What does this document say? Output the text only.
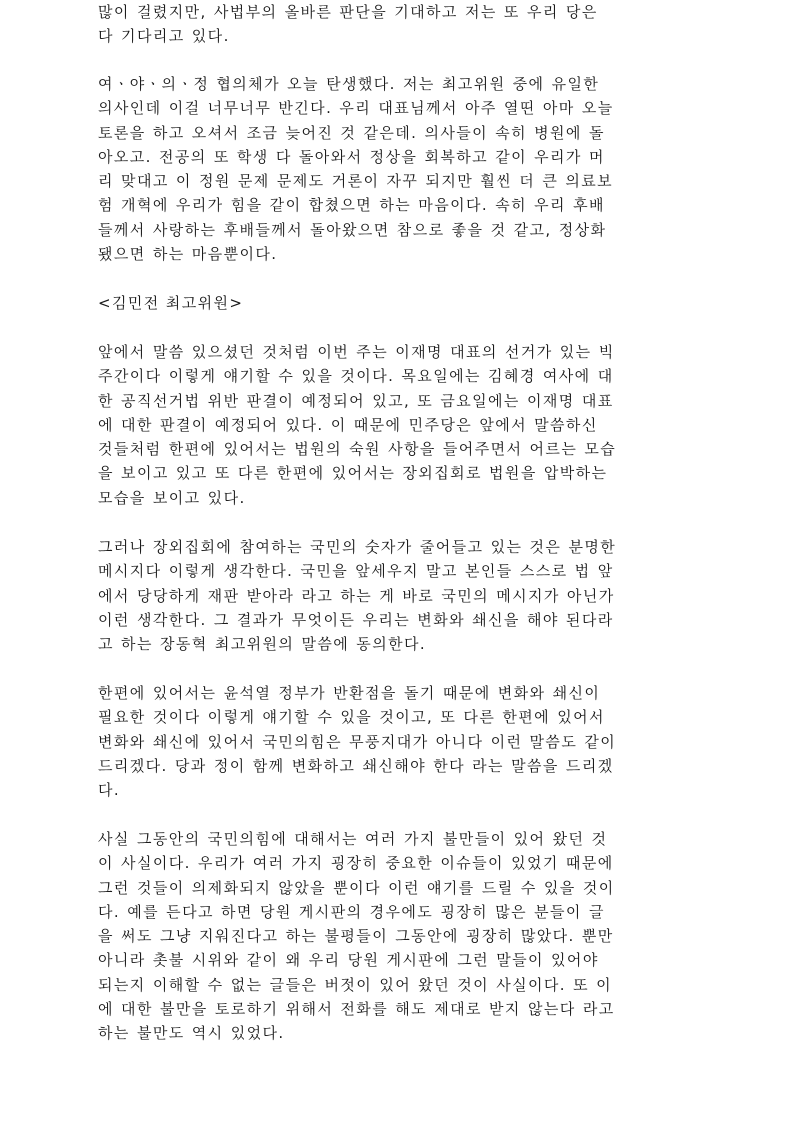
많이 걸렸지만, 사법부의 올바른 판단을 기대하고 저는 또 우리 당은
다 기다리고 있다.
여ㆍ야ㆍ의ㆍ정 협의체가 오늘 탄생했다. 저는 최고위원 중에 유일한
의사인데 이걸 너무너무 반긴다. 우리 대표님께서 아주 열띤 아마 오늘
토론을 하고 오셔서 조금 늦어진 것 같은데. 의사들이 속히 병원에 돌
아오고. 전공의 또 학생 다 돌아와서 정상을 회복하고 같이 우리가 머
리 맞대고 이 정원 문제 문제도 거론이 자꾸 되지만 훨씬 더 큰 의료보
험 개혁에 우리가 힘을 같이 합쳤으면 하는 마음이다. 속히 우리 후배
들께서 사랑하는 후배들께서 돌아왔으면 참으로 좋을 것 같고, 정상화
됐으면 하는 마음뿐이다.
<김민전 최고위원>
앞에서 말씀 있으셨던 것처럼 이번 주는 이재명 대표의 선거가 있는 빅
주간이다 이렇게 얘기할 수 있을 것이다. 목요일에는 김혜경 여사에 대
한 공직선거법 위반 판결이 예정되어 있고, 또 금요일에는 이재명 대표
에 대한 판결이 예정되어 있다. 이 때문에 민주당은 앞에서 말씀하신
것들처럼 한편에 있어서는 법원의 숙원 사항을 들어주면서 어르는 모습
을 보이고 있고 또 다른 한편에 있어서는 장외집회로 법원을 압박하는
모습을 보이고 있다.
그러나 장외집회에 참여하는 국민의 숫자가 줄어들고 있는 것은 분명한
메시지다 이렇게 생각한다. 국민을 앞세우지 말고 본인들 스스로 법 앞
에서 당당하게 재판 받아라 라고 하는 게 바로 국민의 메시지가 아닌가
이런 생각한다. 그 결과가 무엇이든 우리는 변화와 쇄신을 해야 된다라
고 하는 장동혁 최고위원의 말씀에 동의한다.
한편에 있어서는 윤석열 정부가 반환점을 돌기 때문에 변화와 쇄신이
필요한 것이다 이렇게 얘기할 수 있을 것이고, 또 다른 한편에 있어서
변화와 쇄신에 있어서 국민의힘은 무풍지대가 아니다 이런 말씀도 같이
드리겠다. 당과 정이 함께 변화하고 쇄신해야 한다 라는 말씀을 드리겠
다.
사실 그동안의 국민의힘에 대해서는 여러 가지 불만들이 있어 왔던 것
이 사실이다. 우리가 여러 가지 굉장히 중요한 이슈들이 있었기 때문에
그런 것들이 의제화되지 않았을 뿐이다 이런 얘기를 드릴 수 있을 것이
다. 예를 든다고 하면 당원 게시판의 경우에도 굉장히 많은 분들이 글
을 써도 그냥 지워진다고 하는 불평들이 그동안에 굉장히 많았다. 뿐만
아니라 촛불 시위와 같이 왜 우리 당원 게시판에 그런 말들이 있어야
되는지 이해할 수 없는 글들은 버젓이 있어 왔던 것이 사실이다. 또 이
에 대한 불만을 토로하기 위해서 전화를 해도 제대로 받지 않는다 라고
하는 불만도 역시 있었다.
